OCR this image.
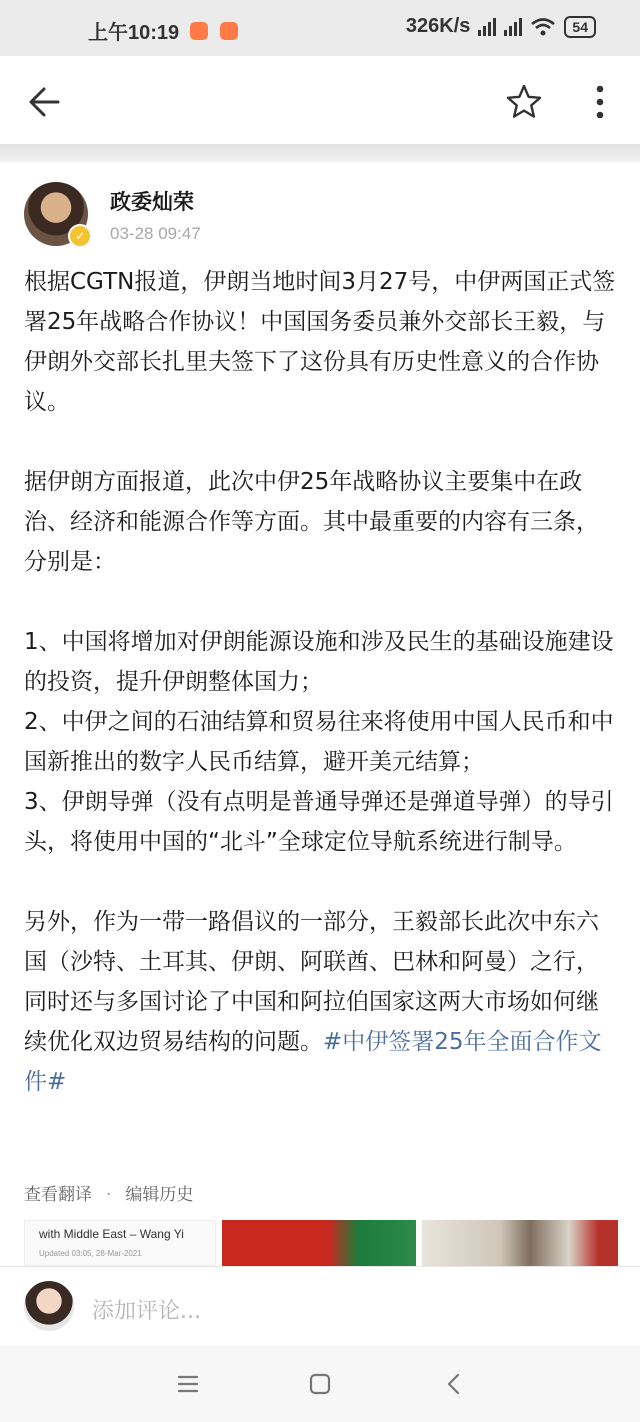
上午10:19	326K/s	54
✓
政委灿荣
03-28 09:47

根据CGTN报道，伊朗当地时间3月27号，中伊两国正式签署25年战略合作协议！中国国务委员兼外交部长王毅，与伊朗外交部长扎里夫签下了这份具有历史性意义的合作协议。

据伊朗方面报道，此次中伊25年战略协议主要集中在政治、经济和能源合作等方面。其中最重要的内容有三条，分别是：

1、中国将增加对伊朗能源设施和涉及民生的基础设施建设的投资，提升伊朗整体国力；

2、中伊之间的石油结算和贸易往来将使用中国人民币和中国新推出的数字人民币结算，避开美元结算；

3、伊朗导弹（没有点明是普通导弹还是弹道导弹）的导引头，将使用中国的“北斗”全球定位导航系统进行制导。

另外，作为一带一路倡议的一部分，王毅部长此次中东六国（沙特、土耳其、伊朗、阿联酋、巴林和阿曼）之行，同时还与多国讨论了中国和阿拉伯国家这两大市场如何继续优化双边贸易结构的问题。#中伊签署25年全面合作文件#

查看翻译 · 编辑历史
with Middle East – Wang Yi
Updated 03:05, 28-Mar-2021
添加评论...
